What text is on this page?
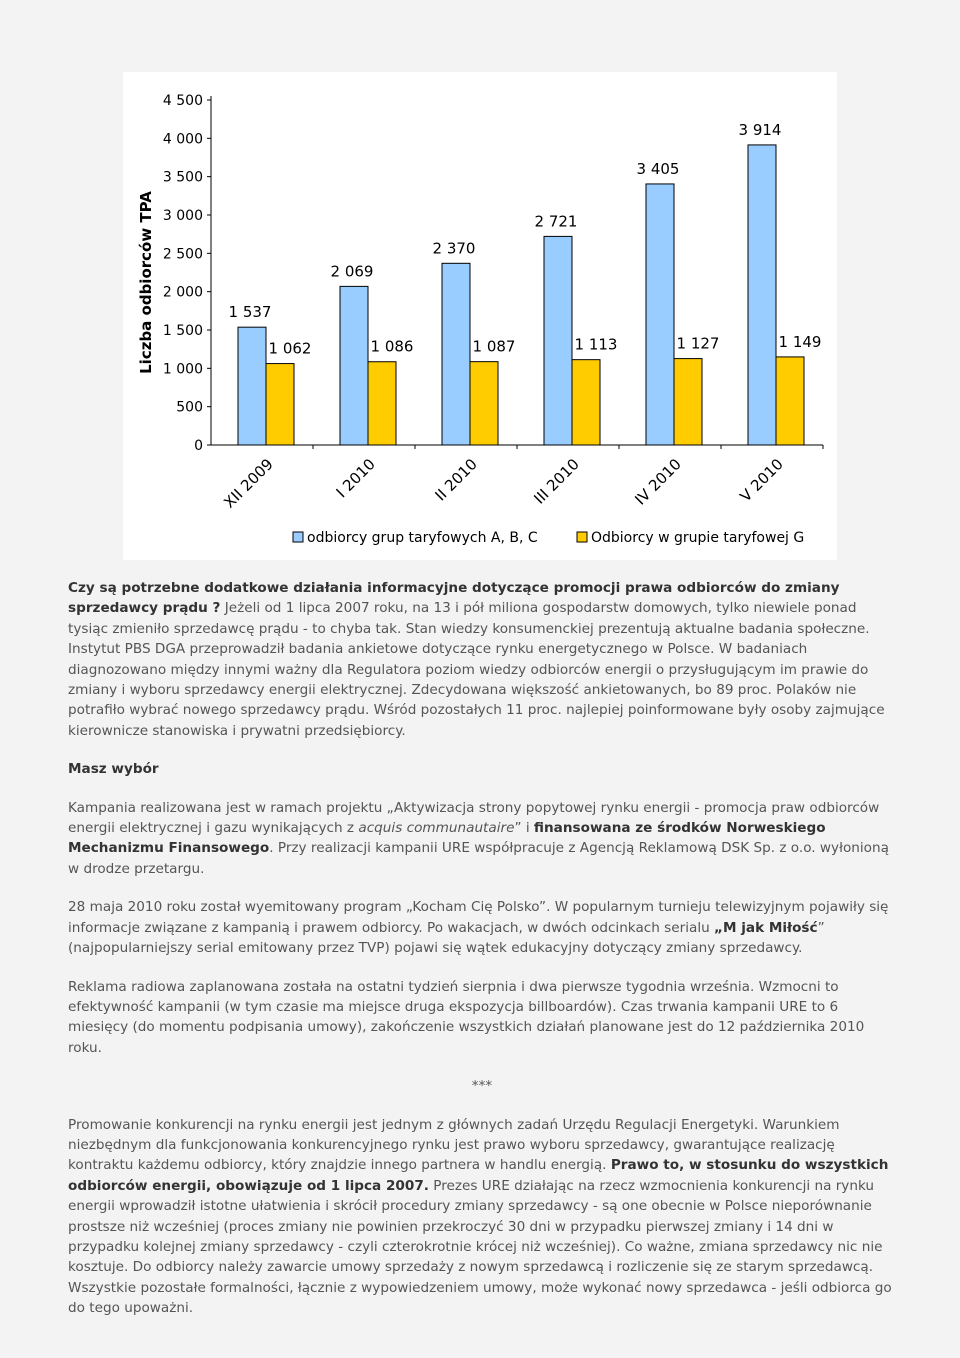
1 537
1 062
2 069
1 086
2 370
1 087
2 721
1 113
3 405
1 127
3 914
1 149
0
500
1 000
1 500
2 000
2 500
3 000
3 500
4 000
4 500
Liczba odbiorców TPA
XII 2009	I 2010	II 2010	III 2010	IV 2010	V 2010
odbiorcy grup taryfowych A, B, C	Odbiorcy w grupie taryfowej G

Czy są potrzebne dodatkowe działania informacyjne dotyczące promocji prawa odbiorców do zmiany sprzedawcy prądu ? Jeżeli od 1 lipca 2007 roku, na 13 i pół miliona gospodarstw domowych, tylko niewiele ponad tysiąc zmieniło sprzedawcę prądu - to chyba tak. Stan wiedzy konsumenckiej prezentują aktualne badania społeczne. Instytut PBS DGA przeprowadził badania ankietowe dotyczące rynku energetycznego w Polsce. W badaniach diagnozowano między innymi ważny dla Regulatora poziom wiedzy odbiorców energii o przysługującym im prawie do zmiany i wyboru sprzedawcy energii elektrycznej. Zdecydowana większość ankietowanych, bo 89 proc. Polaków nie potrafiło wybrać nowego sprzedawcy prądu. Wśród pozostałych 11 proc. najlepiej poinformowane były osoby zajmujące kierownicze stanowiska i prywatni przedsiębiorcy.

Masz wybór

Kampania realizowana jest w ramach projektu „Aktywizacja strony popytowej rynku energii - promocja praw odbiorców energii elektrycznej i gazu wynikających z acquis communautaire” i finansowana ze środków Norweskiego Mechanizmu Finansowego. Przy realizacji kampanii URE współpracuje z Agencją Reklamową DSK Sp. z o.o. wyłonioną w drodze przetargu.

28 maja 2010 roku został wyemitowany program „Kocham Cię Polsko”. W popularnym turnieju telewizyjnym pojawiły się informacje związane z kampanią i prawem odbiorcy. Po wakacjach, w dwóch odcinkach serialu „M jak Miłość” (najpopularniejszy serial emitowany przez TVP) pojawi się wątek edukacyjny dotyczący zmiany sprzedawcy.

Reklama radiowa zaplanowana została na ostatni tydzień sierpnia i dwa pierwsze tygodnia września. Wzmocni to efektywność kampanii (w tym czasie ma miejsce druga ekspozycja billboardów). Czas trwania kampanii URE to 6 miesięcy (do momentu podpisania umowy), zakończenie wszystkich działań planowane jest do 12 października 2010 roku.

***

Promowanie konkurencji na rynku energii jest jednym z głównych zadań Urzędu Regulacji Energetyki. Warunkiem niezbędnym dla funkcjonowania konkurencyjnego rynku jest prawo wyboru sprzedawcy, gwarantujące realizację kontraktu każdemu odbiorcy, który znajdzie innego partnera w handlu energią. Prawo to, w stosunku do wszystkich odbiorców energii, obowiązuje od 1 lipca 2007. Prezes URE działając na rzecz wzmocnienia konkurencji na rynku energii wprowadził istotne ułatwienia i skrócił procedury zmiany sprzedawcy - są one obecnie w Polsce nieporównanie prostsze niż wcześniej (proces zmiany nie powinien przekroczyć 30 dni w przypadku pierwszej zmiany i 14 dni w przypadku kolejnej zmiany sprzedawcy - czyli czterokrotnie krócej niż wcześniej). Co ważne, zmiana sprzedawcy nic nie kosztuje. Do odbiorcy należy zawarcie umowy sprzedaży z nowym sprzedawcą i rozliczenie się ze starym sprzedawcą. Wszystkie pozostałe formalności, łącznie z wypowiedzeniem umowy, może wykonać nowy sprzedawca - jeśli odbiorca go do tego upoważni.
